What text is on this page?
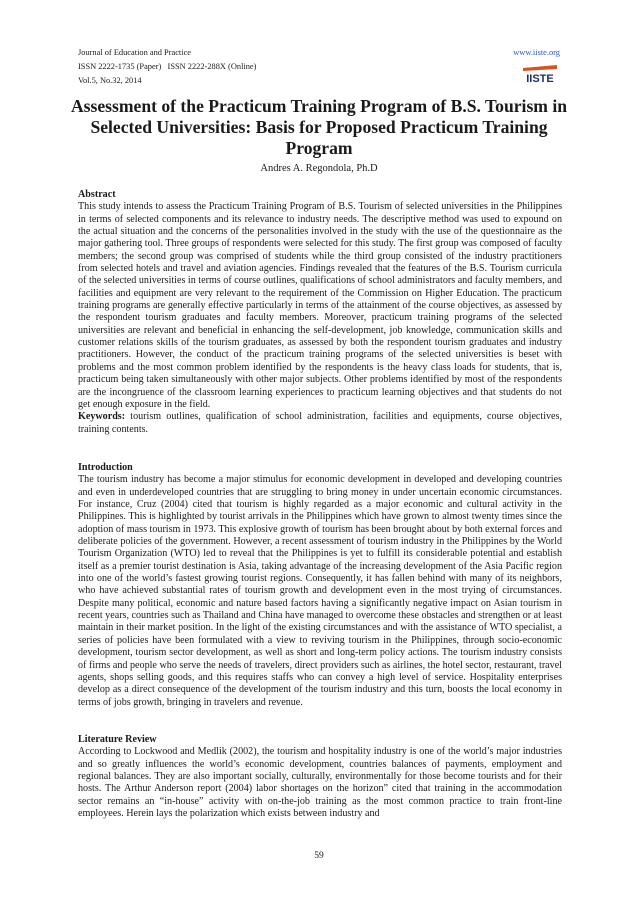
Journal of Education and Practice
ISSN 2222-1735 (Paper)   ISSN 2222-288X (Online)
Vol.5, No.32, 2014
www.iiste.org
IISTE
Assessment of the Practicum Training Program of B.S. Tourism in Selected Universities: Basis for Proposed Practicum Training Program
Andres A. Regondola, Ph.D
Abstract

This study intends to assess the Practicum Training Program of B.S. Tourism of selected universities in the Philippines in terms of selected components and its relevance to industry needs. The descriptive method was used to expound on the actual situation and the concerns of the personalities involved in the study with the use of the questionnaire as the major gathering tool. Three groups of respondents were selected for this study. The first group was composed of faculty members; the second group was comprised of students while the third group consisted of the industry practitioners from selected hotels and travel and aviation agencies. Findings revealed that the features of the B.S. Tourism curricula of the selected universities in terms of course outlines, qualifications of school administrators and faculty members, and facilities and equipment are very relevant to the requirement of the Commission on Higher Education. The practicum training programs are generally effective particularly in terms of the attainment of the course objectives, as assessed by the respondent tourism graduates and faculty members. Moreover, practicum training programs of the selected universities are relevant and beneficial in enhancing the self-development, job knowledge, communication skills and customer relations skills of the tourism graduates, as assessed by both the respondent tourism graduates and industry practitioners. However, the conduct of the practicum training programs of the selected universities is beset with problems and the most common problem identified by the respondents is the heavy class loads for students, that is, practicum being taken simultaneously with other major subjects. Other problems identified by most of the respondents are the incongruence of the classroom learning experiences to practicum learning objectives and that students do not get enough exposure in the field.

Keywords: tourism outlines, qualification of school administration, facilities and equipments, course objectives, training contents.

Introduction

The tourism industry has become a major stimulus for economic development in developed and developing countries and even in underdeveloped countries that are struggling to bring money in under uncertain economic circumstances. For instance, Cruz (2004) cited that tourism is highly regarded as a major economic and cultural activity in the Philippines. This is highlighted by tourist arrivals in the Philippines which have grown to almost twenty times since the adoption of mass tourism in 1973. This explosive growth of tourism has been brought about by both external forces and deliberate policies of the government. However, a recent assessment of tourism industry in the Philippines by the World Tourism Organization (WTO) led to reveal that the Philippines is yet to fulfill its considerable potential and establish itself as a premier tourist destination is Asia, taking advantage of the increasing development of the Asia Pacific region into one of the world’s fastest growing tourist regions. Consequently, it has fallen behind with many of its neighbors, who have achieved substantial rates of tourism growth and development even in the most trying of circumstances. Despite many political, economic and nature based factors having a significantly negative impact on Asian tourism in recent years, countries such as Thailand and China have managed to overcome these obstacles and strengthen or at least maintain in their market position. In the light of the existing circumstances and with the assistance of WTO specialist, a series of policies have been formulated with a view to reviving tourism in the Philippines, through socio-economic development, tourism sector development, as well as short and long-term policy actions. The tourism industry consists of firms and people who serve the needs of travelers, direct providers such as airlines, the hotel sector, restaurant, travel agents, shops selling goods, and this requires staffs who can convey a high level of service. Hospitality enterprises develop as a direct consequence of the development of the tourism industry and this turn, boosts the local economy in terms of jobs growth, bringing in travelers and revenue.

Literature Review

According to Lockwood and Medlik (2002), the tourism and hospitality industry is one of the world’s major industries and so greatly influences the world’s economic development, countries balances of payments, employment and regional balances. They are also important socially, culturally, environmentally for those become tourists and for their hosts. The Arthur Anderson report (2004) labor shortages on the horizon” cited that training in the accommodation sector remains an “in-house” activity with on-the-job training as the most common practice to train front-line employees. Herein lays the polarization which exists between industry and

59
